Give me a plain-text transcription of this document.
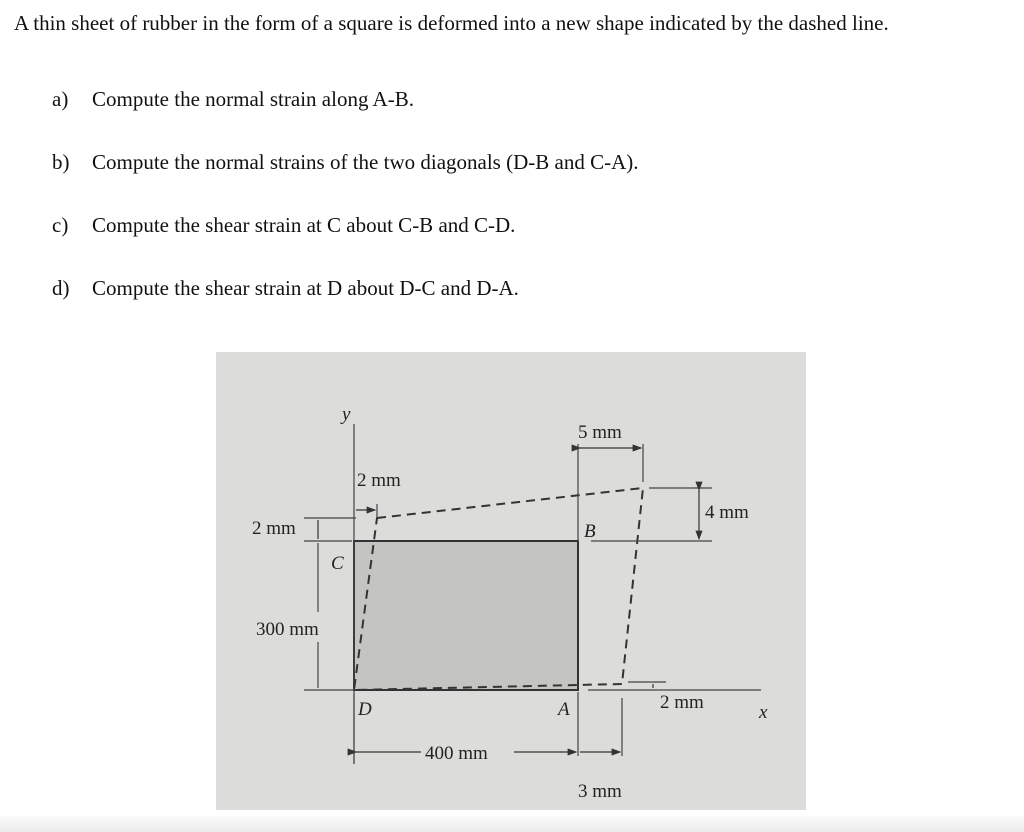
A thin sheet of rubber in the form of a square is deformed into a new shape indicated by the dashed line.
a) Compute the normal strain along A-B.
b) Compute the normal strains of the two diagonals (D-B and C-A).
c) Compute the shear strain at C about C-B and C-D.
d) Compute the shear strain at D about D-C and D-A.
y
x
C
B
D	A
5 mm
2 mm
4 mm
2 mm
300 mm
400 mm
2 mm
3 mm
